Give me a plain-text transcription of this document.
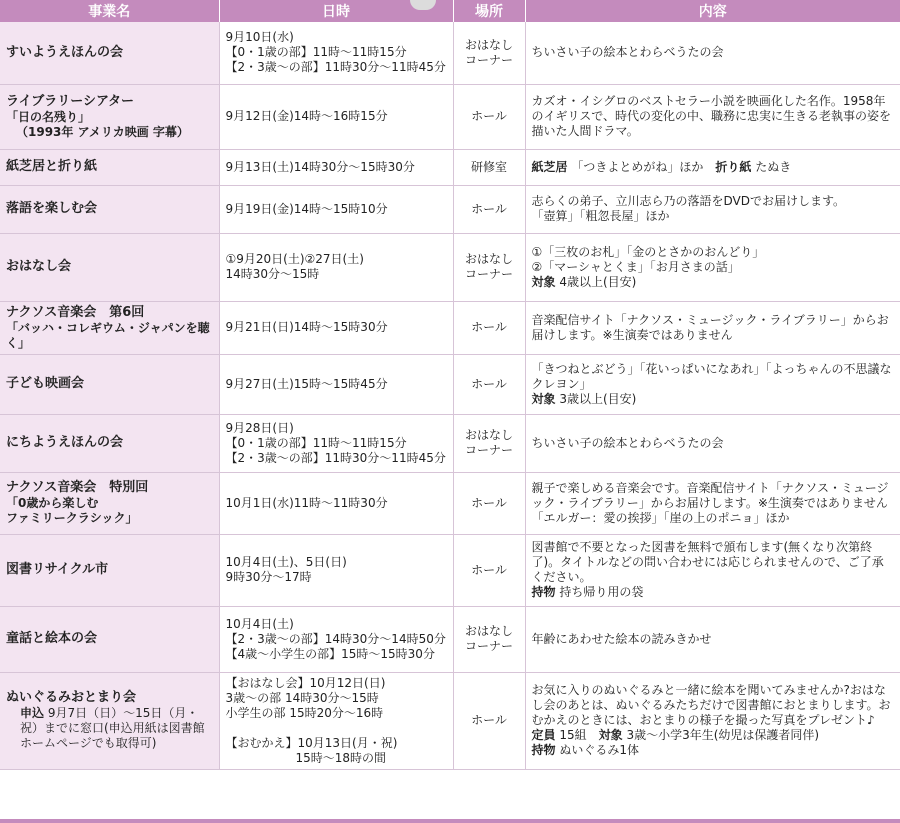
事業名	日時	場所	内容

すいようえほんの会	9月10日(水)
【0・1歳の部】11時～11時15分
【2・3歳～の部】11時30分～11時45分	おはなし
コーナー	ちいさい子の絵本とわらべうたの会

ライブラリーシアター
「日の名残り」
（1993年 アメリカ映画 字幕）	9月12日(金)14時～16時15分	ホール	カズオ・イシグロのベストセラー小説を映画化した名作。1958年のイギリスで、時代の変化の中、職務に忠実に生きる老執事の姿を描いた人間ドラマ。

紙芝居と折り紙	9月13日(土)14時30分～15時30分	研修室	紙芝居 「つきよとめがね」ほか　折り紙 たぬき

落語を楽しむ会	9月19日(金)14時～15時10分	ホール	志らくの弟子、立川志ら乃の落語をDVDでお届けします。
「壺算」「粗忽長屋」ほか

おはなし会	①9月20日(土)②27日(土)
14時30分～15時	おはなし
コーナー	①「三枚のお札」「金のとさかのおんどり」
②「マーシャとくま」「お月さまの話」
対象 4歳以上(目安)

ナクソス音楽会　第6回
「バッハ・コレギウム・ジャパンを聴く」	9月21日(日)14時～15時30分	ホール	音楽配信サイト「ナクソス・ミュージック・ライブラリー」からお届けします。※生演奏ではありません

子ども映画会	9月27日(土)15時～15時45分	ホール	「きつねとぶどう」「花いっぱいになあれ」「よっちゃんの不思議なクレヨン」
対象 3歳以上(目安)

にちようえほんの会	9月28日(日)
【0・1歳の部】11時～11時15分
【2・3歳～の部】11時30分～11時45分	おはなし
コーナー	ちいさい子の絵本とわらべうたの会

ナクソス音楽会　特別回
「0歳から楽しむ
ファミリークラシック」	10月1日(水)11時～11時30分	ホール	親子で楽しめる音楽会です。音楽配信サイト「ナクソス・ミュージック・ライブラリー」からお届けします。※生演奏ではありません
「エルガー：愛の挨拶」「崖の上のポニョ」ほか

図書リサイクル市	10月4日(土)、5日(日)
9時30分～17時	ホール	図書館で不要となった図書を無料で頒布します(無くなり次第終了)。タイトルなどの問い合わせには応じられませんので、ご了承ください。
持物 持ち帰り用の袋

童話と絵本の会	10月4日(土)
【2・3歳～の部】14時30分～14時50分
【4歳～小学生の部】15時～15時30分	おはなし
コーナー	年齢にあわせた絵本の読みきかせ

ぬいぐるみおとまり会
申込 9月7日（日）～15日（月・祝）までに窓口(申込用紙は図書館ホームページでも取得可)	【おはなし会】10月12日(日)
3歳～の部 14時30分～15時
小学生の部 15時20分～16時
【おむかえ】10月13日(月・祝)
15時～18時の間	ホール	お気に入りのぬいぐるみと一緒に絵本を聞いてみませんか?おはなし会のあとは、ぬいぐるみたちだけで図書館におとまりします。おむかえのときには、おとまりの様子を撮った写真をプレゼント♪
定員 15組　対象 3歳～小学3年生(幼児は保護者同伴)
持物 ぬいぐるみ1体
